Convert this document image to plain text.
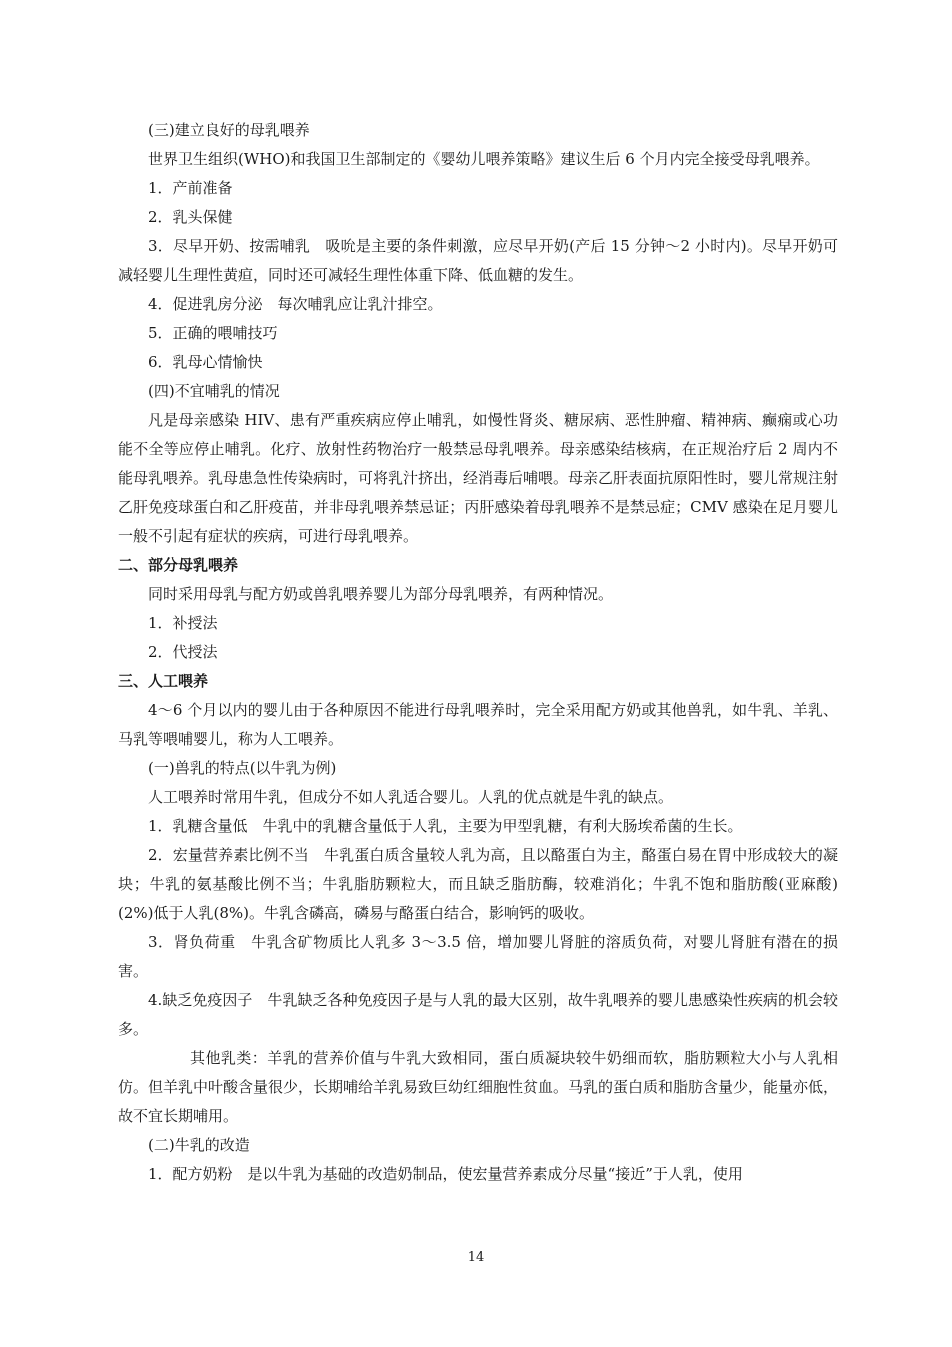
(三)建立良好的母乳喂养

世界卫生组织(WHO)和我国卫生部制定的《婴幼儿喂养策略》建议生后 6 个月内完全接受母乳喂养。

1．产前准备

2．乳头保健

3．尽早开奶、按需哺乳　吸吮是主要的条件刺激，应尽早开奶(产后 15 分钟～2 小时内)。尽早开奶可减轻婴儿生理性黄疸，同时还可减轻生理性体重下降、低血糖的发生。

4．促进乳房分泌　每次哺乳应让乳汁排空。

5．正确的喂哺技巧

6．乳母心情愉快

(四)不宜哺乳的情况

凡是母亲感染 HIV、患有严重疾病应停止哺乳，如慢性肾炎、糖尿病、恶性肿瘤、精神病、癫痫或心功能不全等应停止哺乳。化疗、放射性药物治疗一般禁忌母乳喂养。母亲感染结核病，在正规治疗后 2 周内不能母乳喂养。乳母患急性传染病时，可将乳汁挤出，经消毒后哺喂。母亲乙肝表面抗原阳性时，婴儿常规注射乙肝免疫球蛋白和乙肝疫苗，并非母乳喂养禁忌证；丙肝感染着母乳喂养不是禁忌症；CMV 感染在足月婴儿一般不引起有症状的疾病，可进行母乳喂养。

二、部分母乳喂养

同时采用母乳与配方奶或兽乳喂养婴儿为部分母乳喂养，有两种情况。

1．补授法

2．代授法

三、人工喂养

4～6 个月以内的婴儿由于各种原因不能进行母乳喂养时，完全采用配方奶或其他兽乳，如牛乳、羊乳、马乳等喂哺婴儿，称为人工喂养。

(一)兽乳的特点(以牛乳为例)

人工喂养时常用牛乳，但成分不如人乳适合婴儿。人乳的优点就是牛乳的缺点。

1．乳糖含量低　牛乳中的乳糖含量低于人乳，主要为甲型乳糖，有利大肠埃希菌的生长。

2．宏量营养素比例不当　牛乳蛋白质含量较人乳为高，且以酪蛋白为主，酪蛋白易在胃中形成较大的凝块；牛乳的氨基酸比例不当；牛乳脂肪颗粒大，而且缺乏脂肪酶，较难消化；牛乳不饱和脂肪酸(亚麻酸)(2%)低于人乳(8%)。牛乳含磷高，磷易与酪蛋白结合，影响钙的吸收。

3．肾负荷重　牛乳含矿物质比人乳多 3～3.5 倍，增加婴儿肾脏的溶质负荷，对婴儿肾脏有潜在的损害。

4.缺乏免疫因子　牛乳缺乏各种免疫因子是与人乳的最大区别，故牛乳喂养的婴儿患感染性疾病的机会较多。

其他乳类：羊乳的营养价值与牛乳大致相同，蛋白质凝块较牛奶细而软，脂肪颗粒大小与人乳相仿。但羊乳中叶酸含量很少，长期哺给羊乳易致巨幼红细胞性贫血。马乳的蛋白质和脂肪含量少，能量亦低，故不宜长期哺用。

(二)牛乳的改造

1．配方奶粉　是以牛乳为基础的改造奶制品，使宏量营养素成分尽量“接近”于人乳，使用

14
